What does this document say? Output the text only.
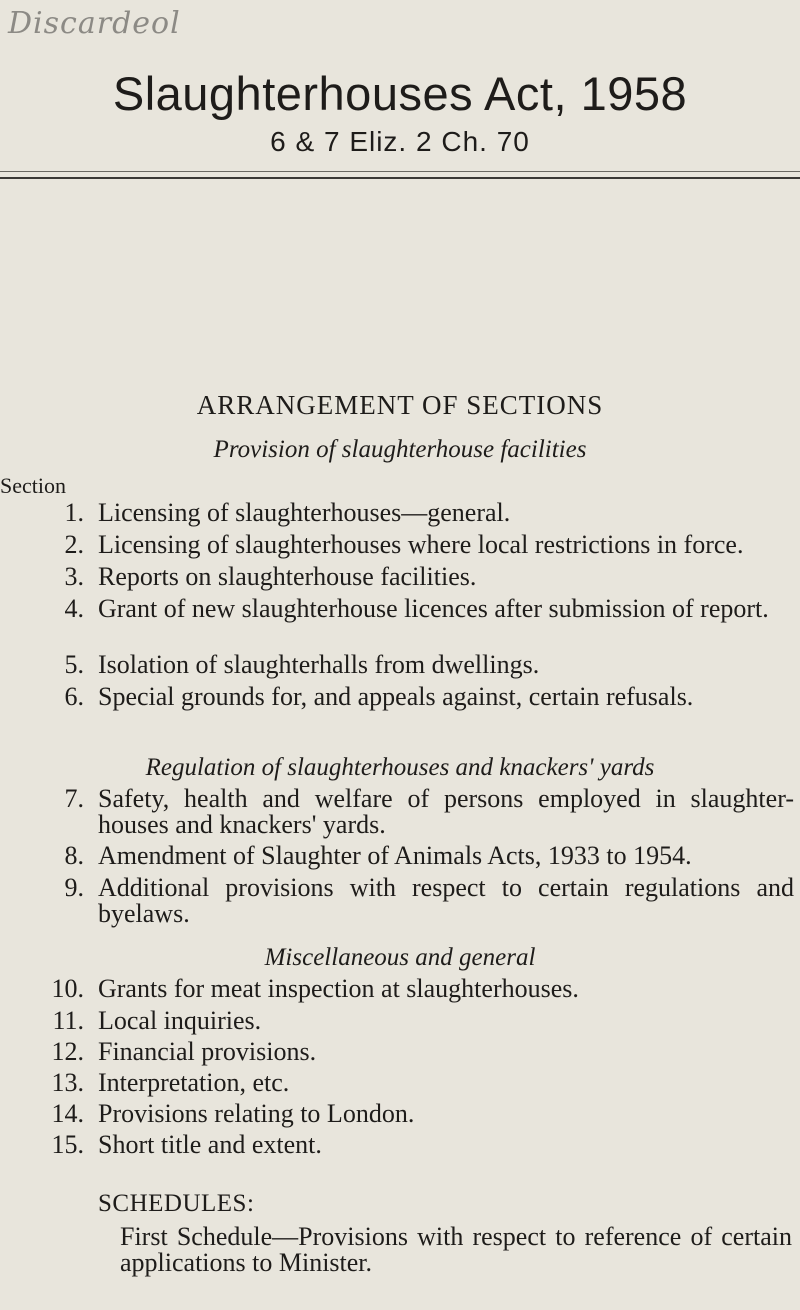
Discardeol
Slaughterhouses Act, 1958
6 & 7 Eliz. 2 Ch. 70
ARRANGEMENT OF SECTIONS
Provision of slaughterhouse facilities
Section
1. Licensing of slaughterhouses—general.
2. Licensing of slaughterhouses where local restrictions in force.
3. Reports on slaughterhouse facilities.
4. Grant of new slaughterhouse licences after submission of report.
5. Isolation of slaughterhalls from dwellings.
6. Special grounds for, and appeals against, certain refusals.
Regulation of slaughterhouses and knackers' yards
7. Safety, health and welfare of persons employed in slaughter-houses and knackers' yards.
8. Amendment of Slaughter of Animals Acts, 1933 to 1954.
9. Additional provisions with respect to certain regulations and byelaws.
Miscellaneous and general
10. Grants for meat inspection at slaughterhouses.
11. Local inquiries.
12. Financial provisions.
13. Interpretation, etc.
14. Provisions relating to London.
15. Short title and extent.
SCHEDULES:
First Schedule—Provisions with respect to reference of certain applications to Minister.
